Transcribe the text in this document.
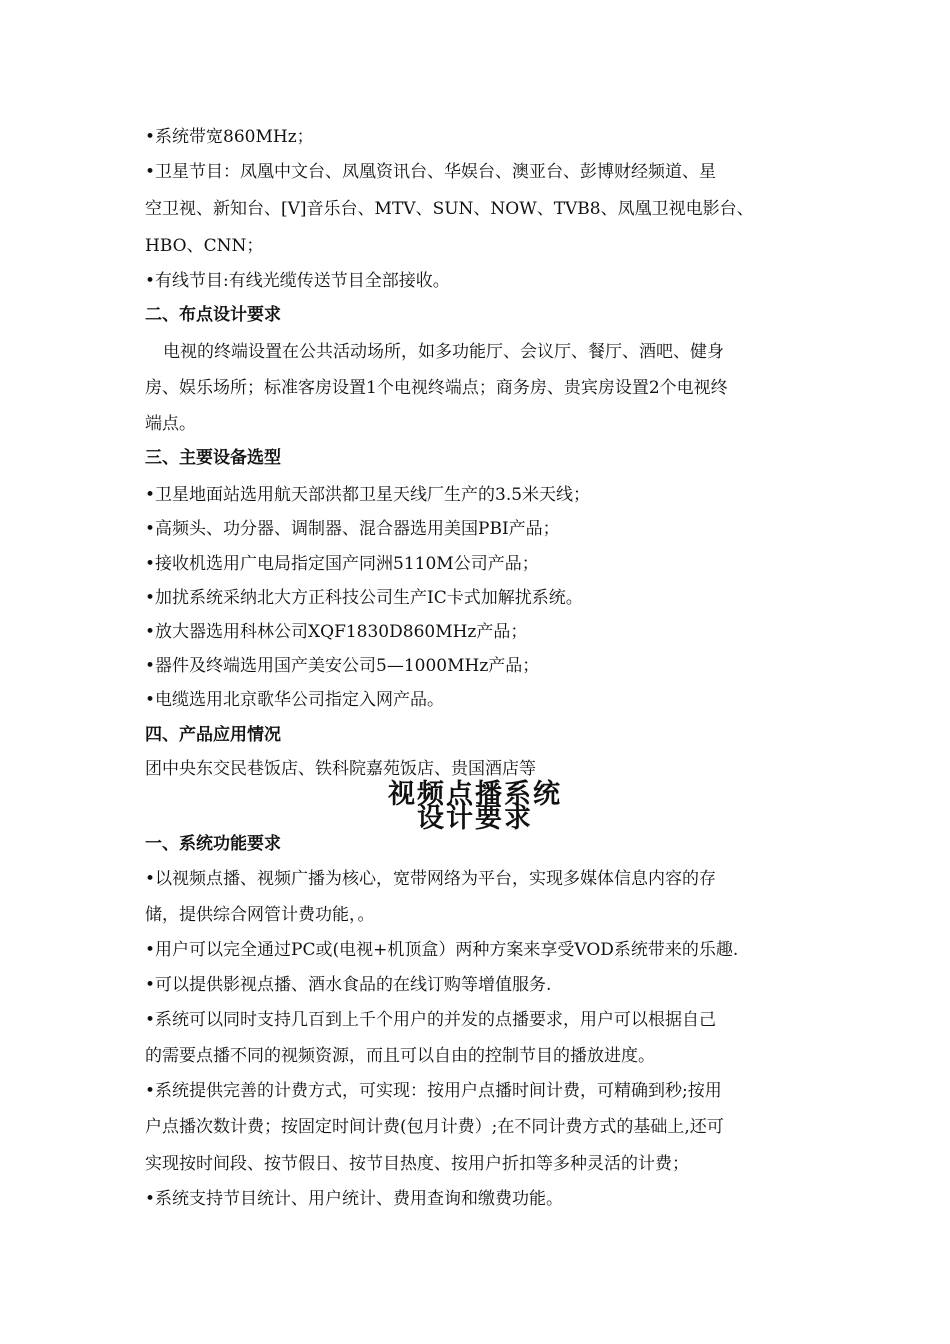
•系统带宽860MHz；
•卫星节目：凤凰中文台、凤凰资讯台、华娱台、澳亚台、彭博财经频道、星
空卫视、新知台、[V]音乐台、MTV、SUN、NOW、TVB8、凤凰卫视电影台、
HBO、CNN；
•有线节目:有线光缆传送节目全部接收。
二、布点设计要求
电视的终端设置在公共活动场所，如多功能厅、会议厅、餐厅、酒吧、健身
房、娱乐场所；标准客房设置1个电视终端点；商务房、贵宾房设置2个电视终
端点。
三、主要设备选型
•卫星地面站选用航天部洪都卫星天线厂生产的3.5米天线；
•高频头、功分器、调制器、混合器选用美国PBI产品；
•接收机选用广电局指定国产同洲5110M公司产品；
•加扰系统采纳北大方正科技公司生产IC卡式加解扰系统。
•放大器选用科林公司XQF1830D860MHz产品；
•器件及终端选用国产美安公司5—1000MHz产品；
•电缆选用北京歌华公司指定入网产品。
四、产品应用情况
团中央东交民巷饭店、铁科院嘉苑饭店、贵国酒店等
视频点播系统
设计要求
一、系统功能要求
•以视频点播、视频广播为核心，宽带网络为平台，实现多媒体信息内容的存
储，提供综合网管计费功能，。
•用户可以完全通过PC或(电视+机顶盒）两种方案来享受VOD系统带来的乐趣.
•可以提供影视点播、酒水食品的在线订购等增值服务.
•系统可以同时支持几百到上千个用户的并发的点播要求，用户可以根据自己
的需要点播不同的视频资源，而且可以自由的控制节目的播放进度。
•系统提供完善的计费方式，可实现：按用户点播时间计费，可精确到秒;按用
户点播次数计费；按固定时间计费(包月计费）;在不同计费方式的基础上,还可
实现按时间段、按节假日、按节目热度、按用户折扣等多种灵活的计费；
•系统支持节目统计、用户统计、费用查询和缴费功能。
